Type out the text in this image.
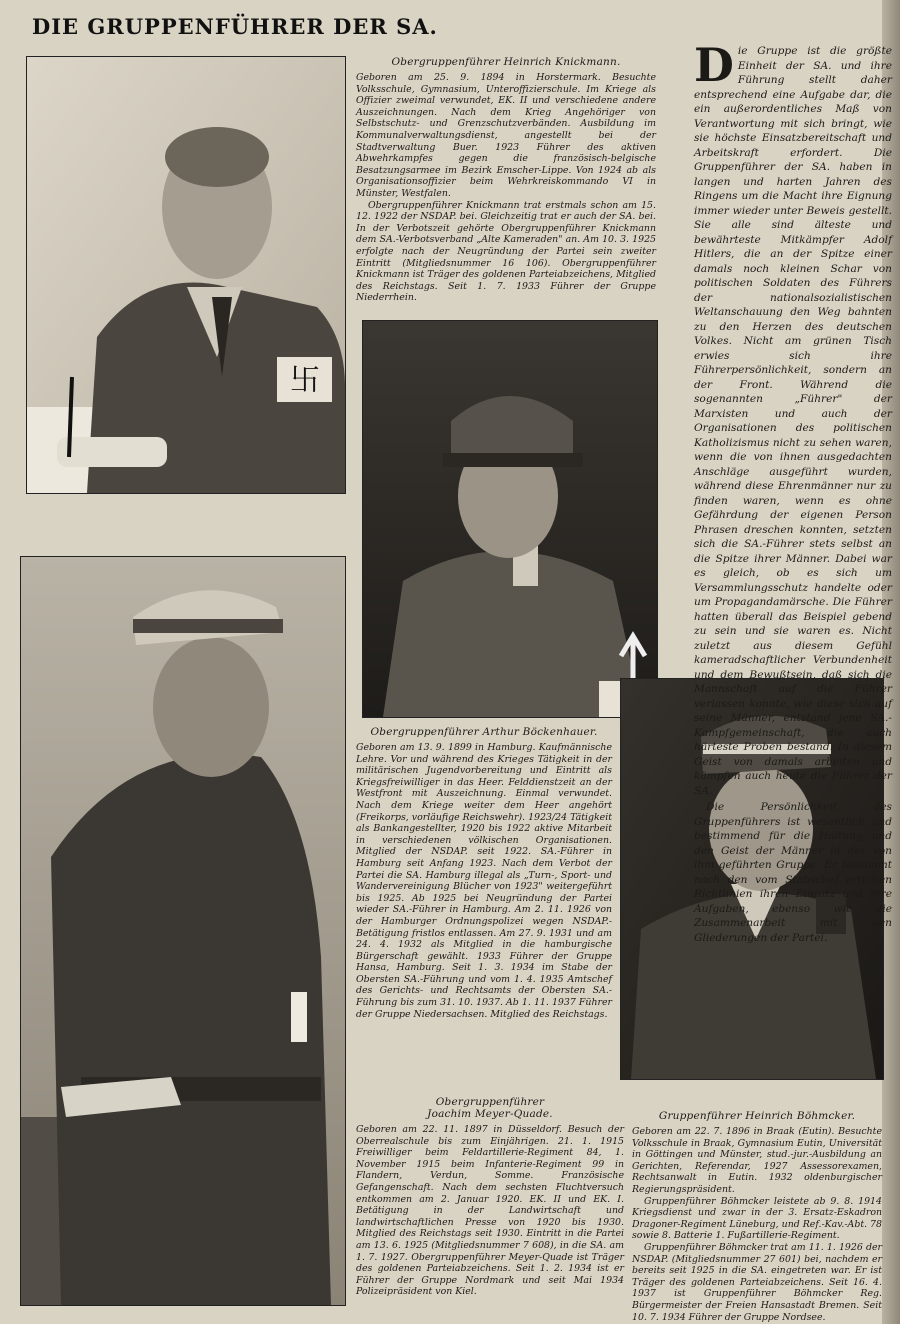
DIE GRUPPENFÜHRER DER SA.
卐
Obergruppenführer Heinrich Knickmann.
Geboren am 25. 9. 1894 in Horstermark. Besuchte Volksschule, Gymnasium, Unteroffizierschule. Im Kriege als Offizier zweimal verwundet, EK. II und verschiedene andere Auszeichnungen. Nach dem Krieg Angehöriger von Selbstschutz- und Grenzschutzverbänden. Ausbildung im Kommunalverwaltungsdienst, angestellt bei der Stadtverwaltung Buer. 1923 Führer des aktiven Abwehrkampfes gegen die französisch-belgische Besatzungsarmee im Bezirk Emscher-Lippe. Von 1924 ab als Organisationsoffizier beim Wehrkreiskommando VI in Münster, Westfalen.
Obergruppenführer Knickmann trat erstmals schon am 15. 12. 1922 der NSDAP. bei. Gleichzeitig trat er auch der SA. bei. In der Verbotszeit gehörte Obergruppenführer Knickmann dem SA.-Verbotsverband „Alte Kameraden" an. Am 10. 3. 1925 erfolgte nach der Neugründung der Partei sein zweiter Eintritt (Mitgliedsnummer 16 106). Obergruppenführer Knickmann ist Träger des goldenen Parteiabzeichens, Mitglied des Reichstags. Seit 1. 7. 1933 Führer der Gruppe Niederrhein.
Obergruppenführer Arthur Böckenhauer.
Geboren am 13. 9. 1899 in Hamburg. Kaufmännische Lehre. Vor und während des Krieges Tätigkeit in der militärischen Jugendvorbereitung und Eintritt als Kriegsfreiwilliger in das Heer. Felddienstzeit an der Westfront mit Auszeichnung. Einmal verwundet. Nach dem Kriege weiter dem Heer angehört (Freikorps, vorläufige Reichswehr). 1923/24 Tätigkeit als Bankangestellter, 1920 bis 1922 aktive Mitarbeit in verschiedenen völkischen Organisationen. Mitglied der NSDAP. seit 1922. SA.-Führer in Hamburg seit Anfang 1923. Nach dem Verbot der Partei die SA. Hamburg illegal als „Turn-, Sport- und Wandervereinigung Blücher von 1923" weitergeführt bis 1925. Ab 1925 bei Neugründung der Partei wieder SA.-Führer in Hamburg. Am 2. 11. 1926 von der Hamburger Ordnungspolizei wegen NSDAP.-Betätigung fristlos entlassen. Am 27. 9. 1931 und am 24. 4. 1932 als Mitglied in die hamburgische Bürgerschaft gewählt. 1933 Führer der Gruppe Hansa, Hamburg. Seit 1. 3. 1934 im Stabe der Obersten SA.-Führung und vom 1. 4. 1935 Amtschef des Gerichts- und Rechtsamts der Obersten SA.-Führung bis zum 31. 10. 1937. Ab 1. 11. 1937 Führer der Gruppe Niedersachsen. Mitglied des Reichstags.
Obergruppenführer
Joachim Meyer-Quade.
Geboren am 22. 11. 1897 in Düsseldorf. Besuch der Oberrealschule bis zum Einjährigen. 21. 1. 1915 Freiwilliger beim Feldartillerie-Regiment 84, 1. November 1915 beim Infanterie-Regiment 99 in Flandern, Verdun, Somme. Französische Gefangenschaft. Nach dem sechsten Fluchtversuch entkommen am 2. Januar 1920. EK. II und EK. I. Betätigung in der Landwirtschaft und landwirtschaftlichen Presse von 1920 bis 1930. Mitglied des Reichstags seit 1930. Eintritt in die Partei am 13. 6. 1925 (Mitgliedsnummer 7 608), in die SA. am 1. 7. 1927. Obergruppenführer Meyer-Quade ist Träger des goldenen Parteiabzeichens. Seit 1. 2. 1934 ist er Führer der Gruppe Nordmark und seit Mai 1934 Polizeipräsident von Kiel.
Gruppenführer Heinrich Böhmcker.
Geboren am 22. 7. 1896 in Braak (Eutin). Besuchte Volksschule in Braak, Gymnasium Eutin, Universität in Göttingen und Münster, stud.-jur.-Ausbildung an Gerichten, Referendar, 1927 Assessorexamen, Rechtsanwalt in Eutin. 1932 oldenburgischer Regierungspräsident.
Gruppenführer Böhmcker leistete ab 9. 8. 1914 Kriegsdienst und zwar in der 3. Ersatz-Eskadron Dragoner-Regiment Lüneburg, und Ref.-Kav.-Abt. 78 sowie 8. Batterie 1. Fußartillerie-Regiment.
Gruppenführer Böhmcker trat am 11. 1. 1926 der NSDAP. (Mitgliedsnummer 27 601) bei, nachdem er bereits seit 1925 in die SA. eingetreten war. Er ist Träger des goldenen Parteiabzeichens. Seit 16. 4. 1937 ist Gruppenführer Böhmcker Reg. Bürgermeister der Freien Hansastadt Bremen. Seit 10. 7. 1934 Führer der Gruppe Nordsee.

Die Gruppe ist die größte Einheit der SA. und ihre Führung stellt daher entsprechend eine Aufgabe dar, die ein außerordentliches Maß von Verantwortung mit sich bringt, wie sie höchste Einsatzbereitschaft und Arbeitskraft erfordert. Die Gruppenführer der SA. haben in langen und harten Jahren des Ringens um die Macht ihre Eignung immer wieder unter Beweis gestellt. Sie alle sind älteste und bewährteste Mitkämpfer Adolf Hitlers, die an der Spitze einer damals noch kleinen Schar von politischen Soldaten des Führers der nationalsozialistischen Weltanschauung den Weg bahnten zu den Herzen des deutschen Volkes. Nicht am grünen Tisch erwies sich ihre Führerpersönlichkeit, sondern an der Front. Während die sogenannten „Führer" der Marxisten und auch der Organisationen des politischen Katholizismus nicht zu sehen waren, wenn die von ihnen ausgedachten Anschläge ausgeführt wurden, während diese Ehrenmänner nur zu finden waren, wenn es ohne Gefährdung der eigenen Person Phrasen dreschen konnten, setzten sich die SA.-Führer stets selbst an die Spitze ihrer Männer. Dabei war es gleich, ob es sich um Versammlungsschutz handelte oder um Propagandamärsche. Die Führer hatten überall das Beispiel gebend zu sein und sie waren es. Nicht zuletzt aus diesem Gefühl kameradschaftlicher Verbundenheit und dem Bewußtsein, daß sich die Mannschaft auf die Führer verlassen konnte, wie diese sich auf seine Männer, entstand jene SA.-Kampfgemeinschaft, die auch härteste Proben bestand. In diesem Geist von damals arbeiten und kämpfen auch heute die Führer der SA.

Die Persönlichkeit des Gruppenführers ist wesentlich und bestimmend für die Haltung und den Geist der Männer in der von ihm geführten Gruppe. Er bestimmt nach den vom Stabschef erteilten Richtlinien ihren Einsatz und ihre Aufgaben, ebenso wie die Zusammenarbeit mit den Gliederungen der Partei.
